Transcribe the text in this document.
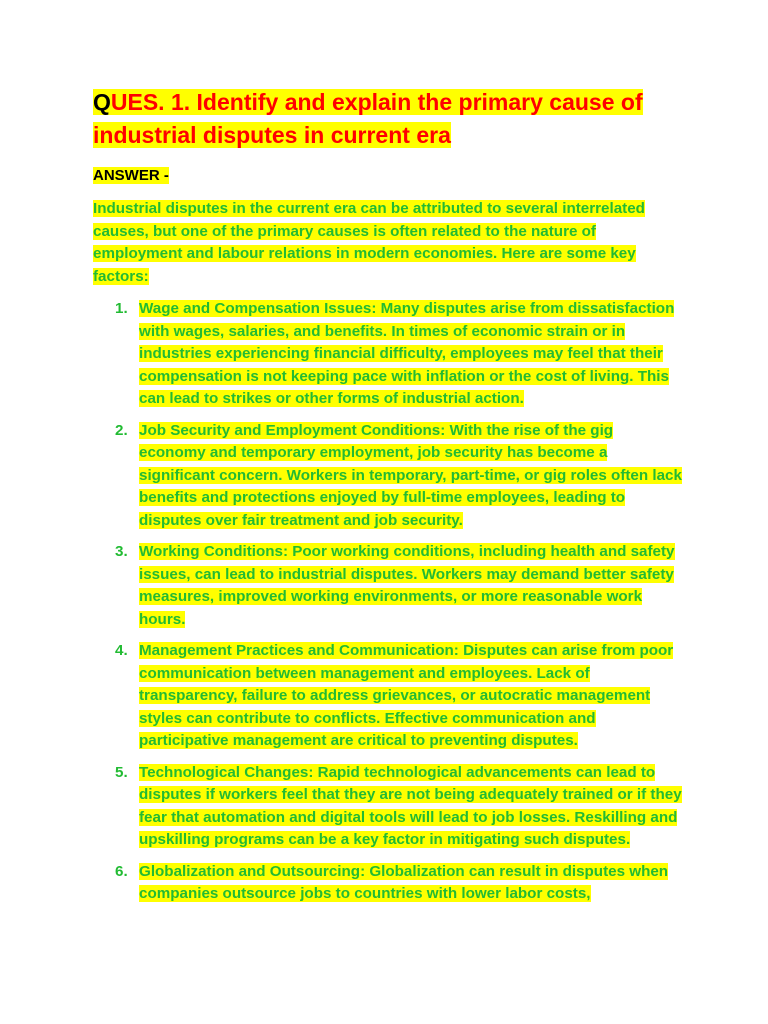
QUES. 1. Identify and explain the primary cause of industrial disputes in current era

ANSWER -

Industrial disputes in the current era can be attributed to several interrelated causes, but one of the primary causes is often related to the nature of employment and labour relations in modern economies. Here are some key factors:

1. Wage and Compensation Issues: Many disputes arise from dissatisfaction with wages, salaries, and benefits. In times of economic strain or in industries experiencing financial difficulty, employees may feel that their compensation is not keeping pace with inflation or the cost of living. This can lead to strikes or other forms of industrial action.
2. Job Security and Employment Conditions: With the rise of the gig economy and temporary employment, job security has become a significant concern. Workers in temporary, part-time, or gig roles often lack benefits and protections enjoyed by full-time employees, leading to disputes over fair treatment and job security.
3. Working Conditions: Poor working conditions, including health and safety issues, can lead to industrial disputes. Workers may demand better safety measures, improved working environments, or more reasonable work hours.
4. Management Practices and Communication: Disputes can arise from poor communication between management and employees. Lack of transparency, failure to address grievances, or autocratic management styles can contribute to conflicts. Effective communication and participative management are critical to preventing disputes.
5. Technological Changes: Rapid technological advancements can lead to disputes if workers feel that they are not being adequately trained or if they fear that automation and digital tools will lead to job losses. Reskilling and upskilling programs can be a key factor in mitigating such disputes.
6. Globalization and Outsourcing: Globalization can result in disputes when companies outsource jobs to countries with lower labor costs,
